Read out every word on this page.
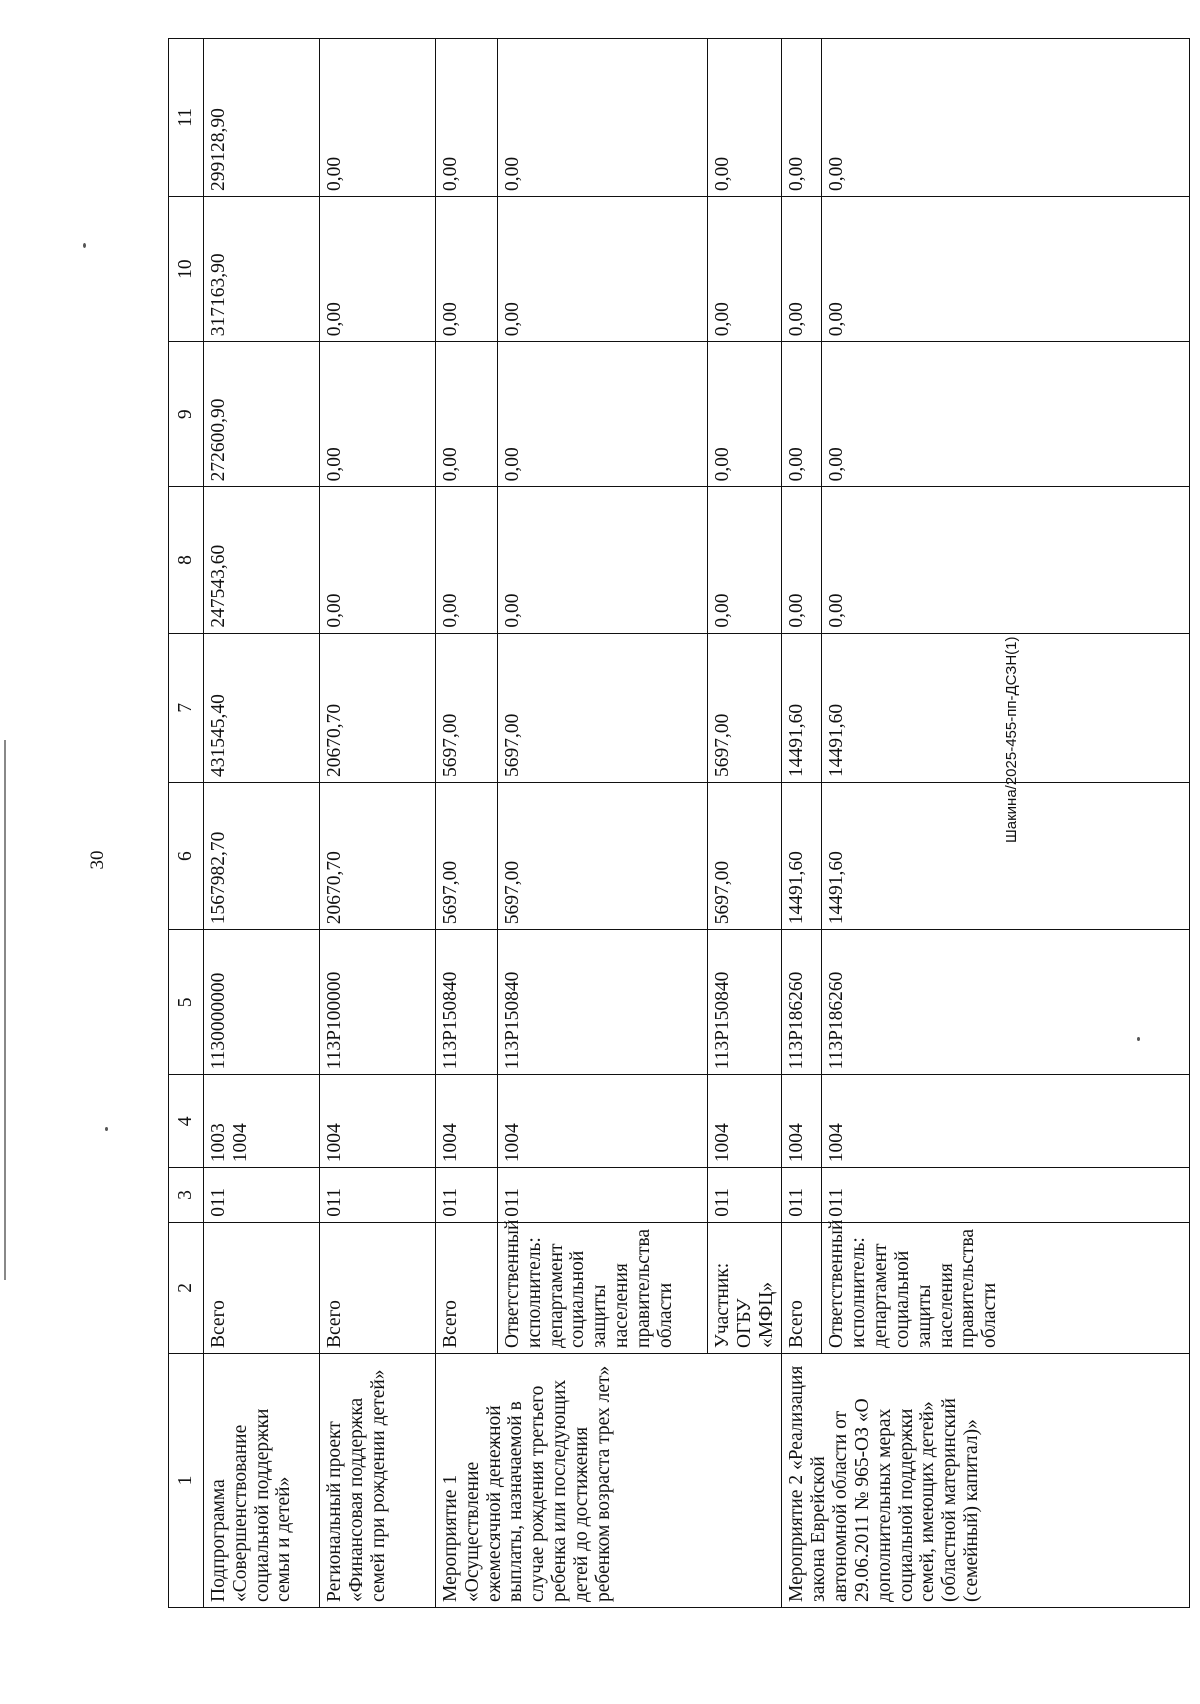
30
Шакина/2025-455-пп-ДСЗН(1)
1	2	3	4	5	6	7	8	9	10	11
Подпрограмма «Совершенствование социальной поддержки семьи и детей»	Всего	011	1003 1004	1130000000	1567982,70	431545,40	247543,60	272600,90	317163,90	299128,90
Региональный проект «Финансовая поддержка семей при рождении детей»	Всего	011	1004	113Р100000	20670,70	20670,70	0,00	0,00	0,00	0,00
Мероприятие 1 «Осуществление ежемесячной денежной выплаты, назначаемой в случае рождения третьего ребенка или последующих детей до достижения ребенком возраста трех лет»	Всего	011	1004	113Р150840	5697,00	5697,00	0,00	0,00	0,00	0,00
	Ответственный исполнитель: департамент социальной защиты населения правительства области	011	1004	113Р150840	5697,00	5697,00	0,00	0,00	0,00	0,00
	Участник: ОГБУ «МФЦ»	011	1004	113Р150840	5697,00	5697,00	0,00	0,00	0,00	0,00
Мероприятие 2 «Реализация закона Еврейской автономной области от 29.06.2011 № 965-ОЗ «О дополнительных мерах социальной поддержки семей, имеющих детей» (областной материнский (семейный) капитал)»	Всего	011	1004	113Р186260	14491,60	14491,60	0,00	0,00	0,00	0,00
	Ответственный исполнитель: департамент социальной защиты населения правительства области	011	1004	113Р186260	14491,60	14491,60	0,00	0,00	0,00	0,00
